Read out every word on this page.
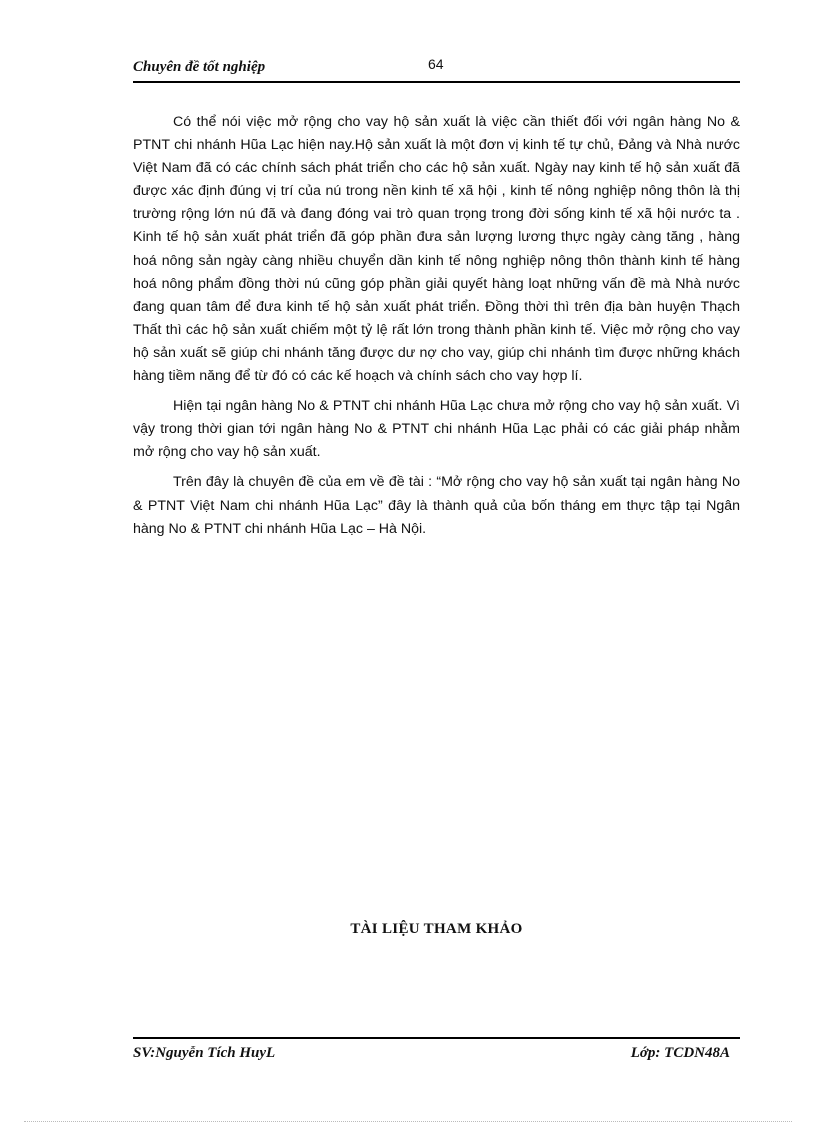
Chuyên đề tốt nghiệp	64

Có thể nói việc mở rộng cho vay hộ sản xuất là việc cần thiết đối với ngân hàng No & PTNT chi nhánh Hũa Lạc hiện nay.Hộ sản xuất là một đơn vị kinh tế tự chủ, Đảng và Nhà nước Việt Nam đã có các chính sách phát triển cho các hộ sản xuất. Ngày nay kinh tế hộ sản xuất đã được xác định đúng vị trí của nú trong nền kinh tế xã hội , kinh tế nông nghiệp nông thôn là thị trường rộng lớn nú đã và đang đóng vai trò quan trọng trong đời sống kinh tế xã hội nước ta . Kinh tế hộ sản xuất phát triển đã góp phần đưa sản lượng lương thực ngày càng tăng , hàng hoá nông sản ngày càng nhiều chuyển dần kinh tế nông nghiệp nông thôn thành kinh tế hàng hoá nông phẩm đồng thời nú cũng góp phần giải quyết hàng loạt những vấn đề mà Nhà nước đang quan tâm để đưa kinh tế hộ sản xuất phát triển. Đồng thời thì trên địa bàn huyện Thạch Thất thì các hộ sản xuất chiếm một tỷ lệ rất lớn trong thành phần kinh tế. Việc mở rộng cho vay hộ sản xuất sẽ giúp chi nhánh tăng được dư nợ cho vay, giúp chi nhánh tìm được những khách hàng tiềm năng để từ đó có các kế hoạch và chính sách cho vay hợp lí.

Hiện tại ngân hàng No & PTNT chi nhánh Hũa Lạc chưa mở rộng cho vay hộ sản xuất. Vì vậy trong thời gian tới ngân hàng No & PTNT chi nhánh Hũa Lạc phải có các giải pháp nhằm mở rộng cho vay hộ sản xuất.

Trên đây là chuyên đề của em về đề tài : “Mở rộng cho vay hộ sản xuất tại ngân hàng No & PTNT Việt Nam chi nhánh Hũa Lạc” đây là thành quả của bốn tháng em thực tập tại Ngân hàng No & PTNT chi nhánh Hũa Lạc – Hà Nội.

TÀI LIỆU THAM KHẢO
SV:Nguyễn Tích HuyL	Lớp: TCDN48A
